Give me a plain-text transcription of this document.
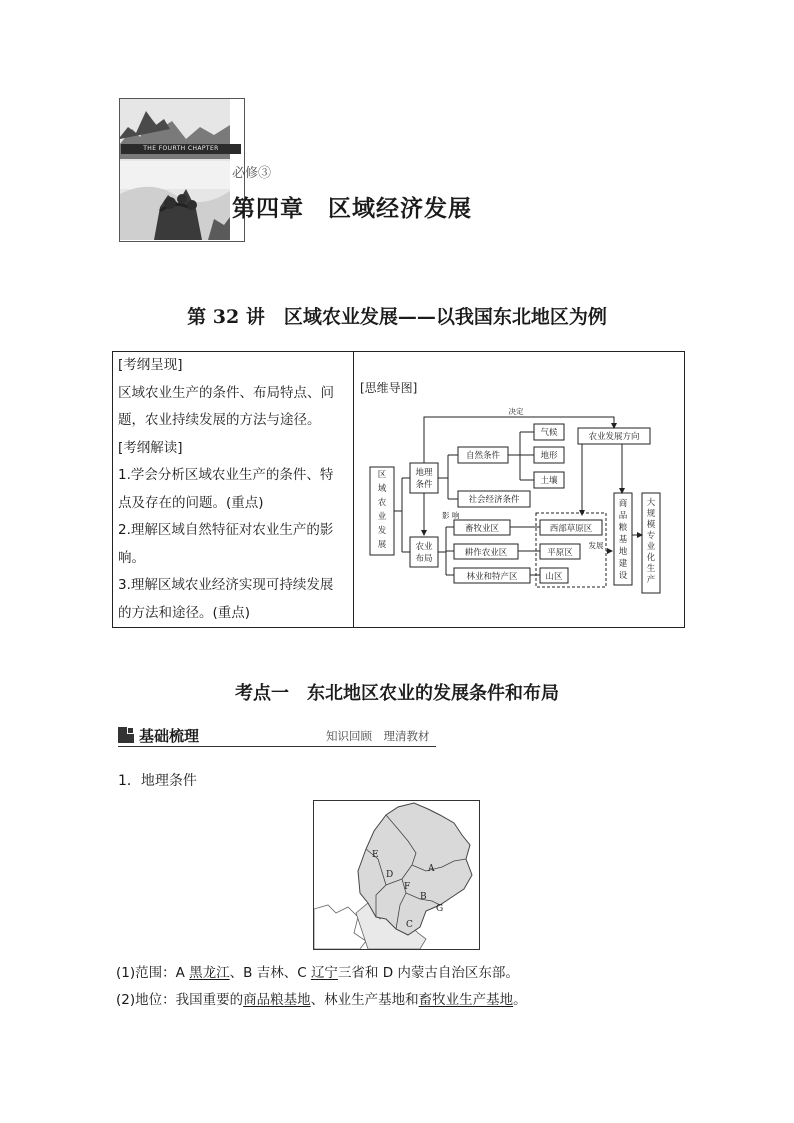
THE FOURTH CHAPTER
必修③
第四章　区域经济发展
第 32 讲　区域农业发展——以我国东北地区为例
[考纲呈现]
区域农业生产的条件、布局特点、问
题，农业持续发展的方法与途径。
[考纲解读]
1.学会分析区域农业生产的条件、特
点及存在的问题。(重点)
2.理解区域自然特征对农业生产的影
响。
3.理解区域农业经济实现可持续发展
的方法和途径。(重点)
[思维导图]
区
域
农
业
发
展
地理
条件
农业
布局
自然条件
社会经济条件
气候
地形
土壤
决定
影 响
农业发展方向
畜牧业区
耕作农业区
林业和特产区
西部草原区
平原区
山区
发展
商
品
粮
基
地
建
设
大
规
模
专
业
化
生
产
考点一　东北地区农业的发展条件和布局
基础梳理	知识回顾　理清教材
1．地理条件
A
B
C
D
E
F
G
(1)范围：A 黑龙江、B 吉林、C 辽宁三省和 D 内蒙古自治区东部。
(2)地位：我国重要的商品粮基地、林业生产基地和畜牧业生产基地。
